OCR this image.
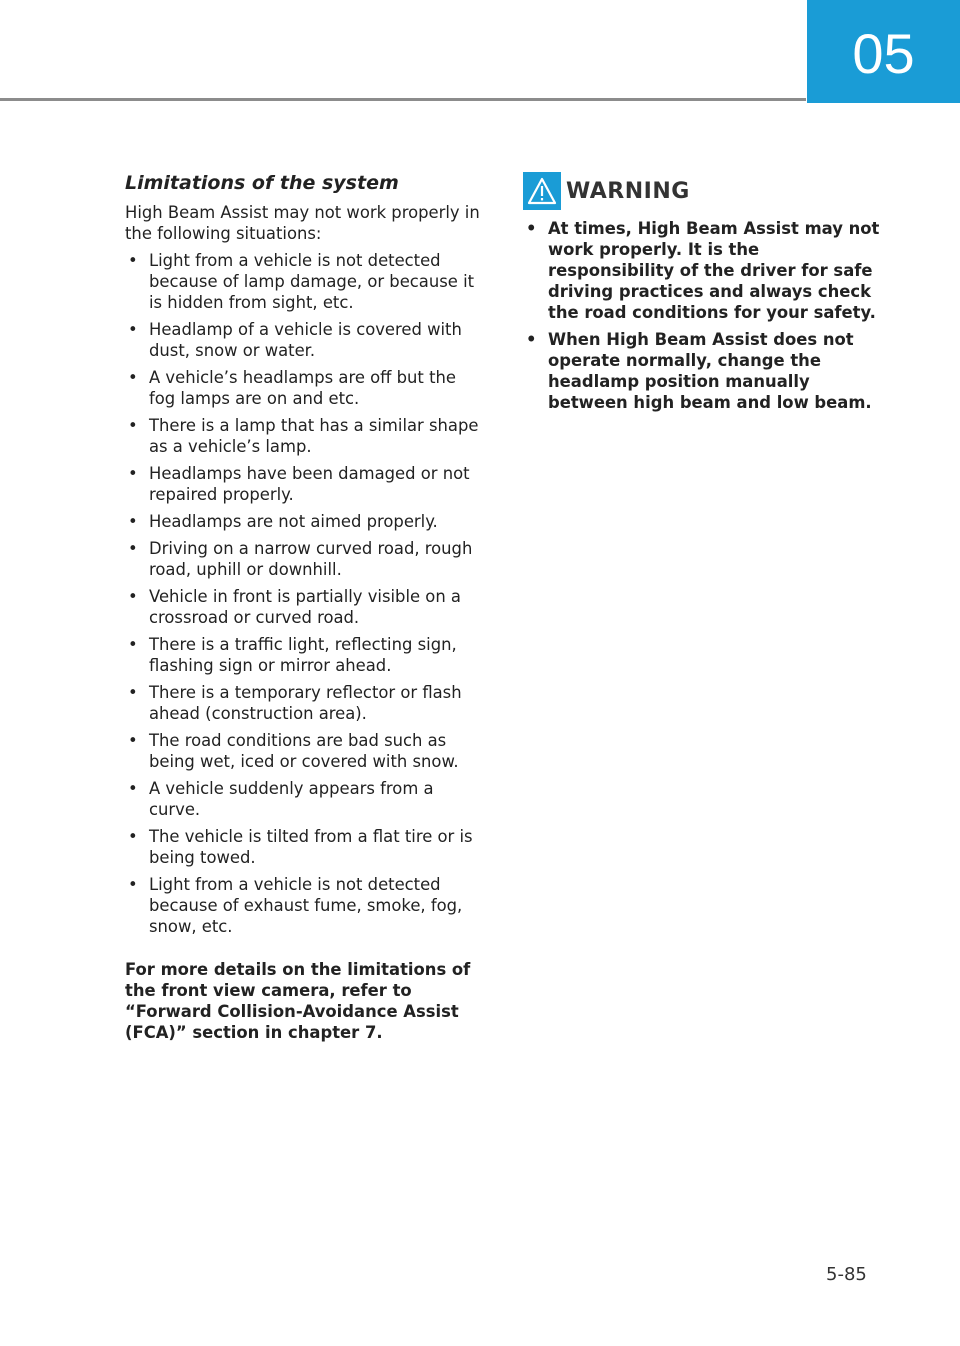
05
Limitations of the system

High Beam Assist may not work properly in the following situations:

• Light from a vehicle is not detected because of lamp damage, or because it is hidden from sight, etc.
• Headlamp of a vehicle is covered with dust, snow or water.
• A vehicle’s headlamps are off but the fog lamps are on and etc.
• There is a lamp that has a similar shape as a vehicle’s lamp.
• Headlamps have been damaged or not repaired properly.
• Headlamps are not aimed properly.
• Driving on a narrow curved road, rough road, uphill or downhill.
• Vehicle in front is partially visible on a crossroad or curved road.
• There is a traffic light, reflecting sign, flashing sign or mirror ahead.
• There is a temporary reflector or flash ahead (construction area).
• The road conditions are bad such as being wet, iced or covered with snow.
• A vehicle suddenly appears from a curve.
• The vehicle is tilted from a flat tire or is being towed.
• Light from a vehicle is not detected because of exhaust fume, smoke, fog, snow, etc.

For more details on the limitations of the front view camera, refer to “Forward Collision-Avoidance Assist (FCA)” section in chapter 7.

WARNING
• At times, High Beam Assist may not work properly. It is the responsibility of the driver for safe driving practices and always check the road conditions for your safety.
• When High Beam Assist does not operate normally, change the headlamp position manually between high beam and low beam.
5-85
